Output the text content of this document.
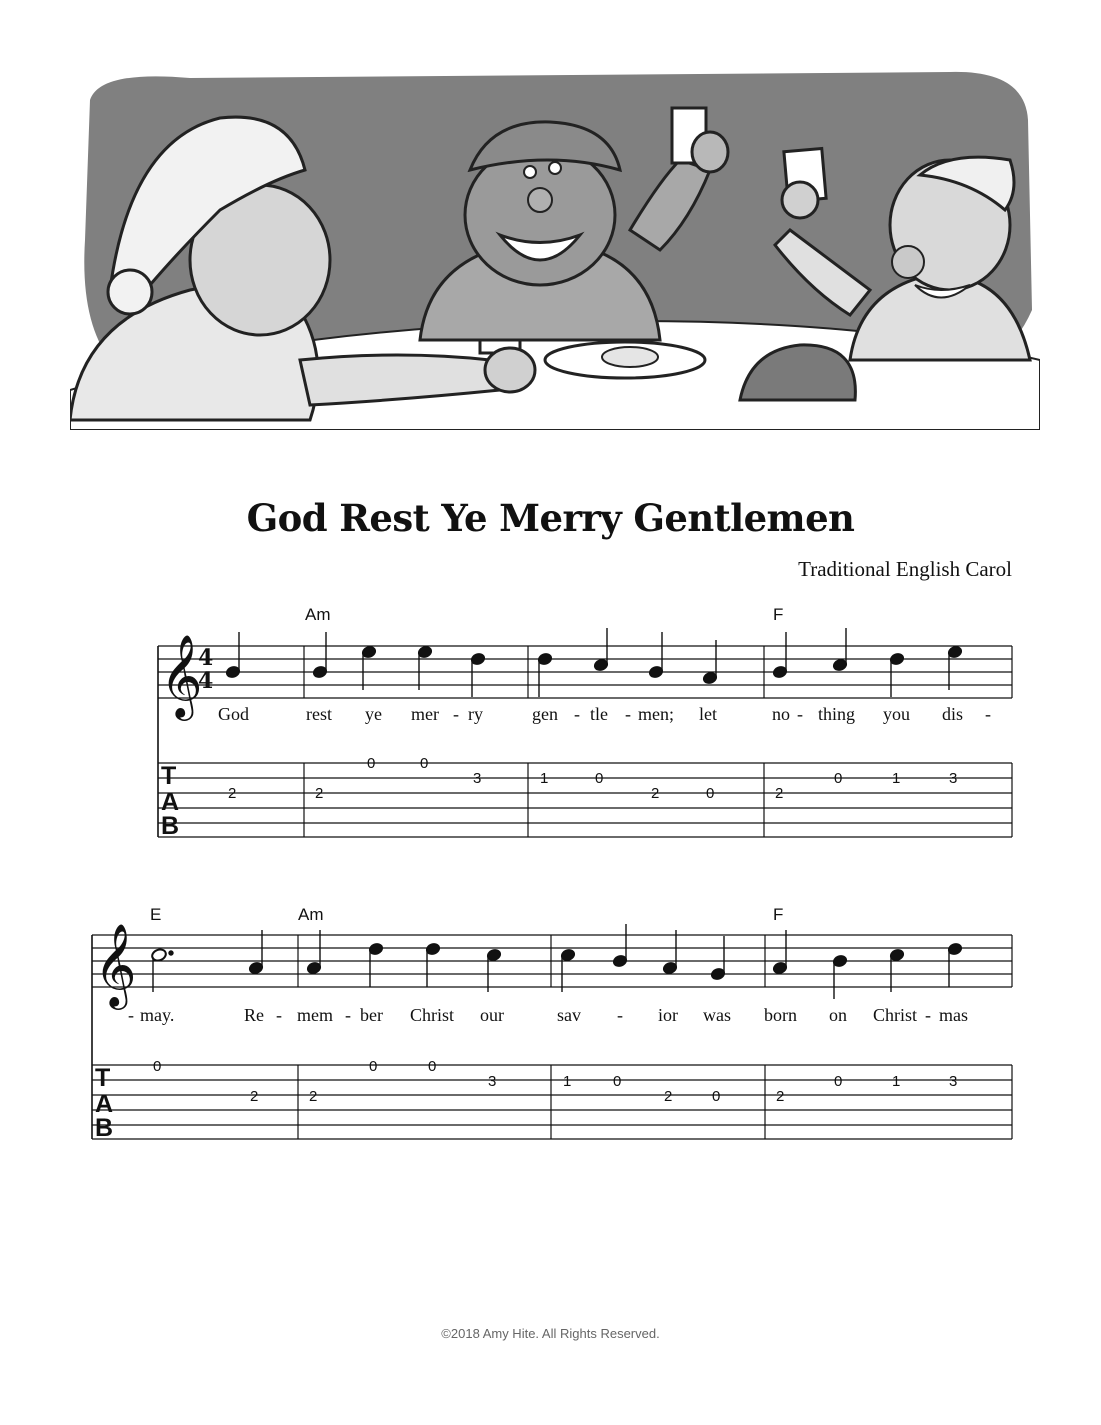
God Rest Ye Merry Gentlemen
Traditional English Carol
𝄞
4
4
Am	F
God	rest ye mer - ry	gen - tle - men; let	no - thing you dis -
T
A
B
2	2
0	0
3	1	0
2	0	2
0	1	3
𝄞
E	Am	F
- may.	Re - mem - ber Christ our	sav - ior was born on Christ - mas
T
A
B
0
2	2
0	0
3	1	0
2	0	2
0	1	3
©2018 Amy Hite. All Rights Reserved.
